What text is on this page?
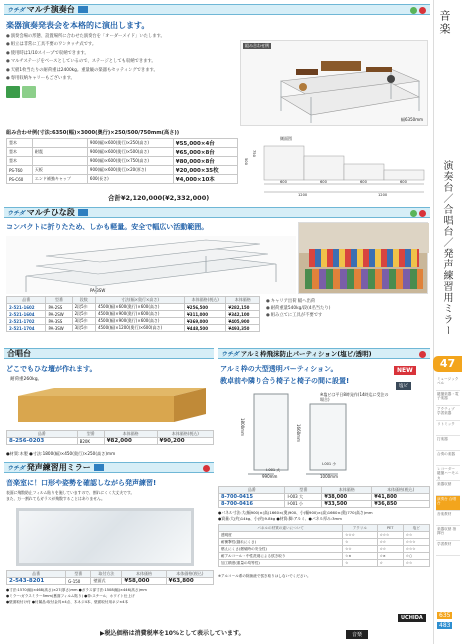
音楽
演奏台／合唱台／発声練習用ミラー
47
ミュージックベル
鍵盤楽器・電子楽器
アクティブ 学習楽器
リトミック
打楽器
合奏の楽器
レコーダー 鍵盤ハーモニカ
楽器収納
演奏台 合唱台
音楽教材
楽器収納 指揮台
学習教材
635
483
ウチダ マルチ演奏台
楽器演奏発表会を本格的に演出します。
● 演奏会場の形態、設置場所に合わせた演奏台を「オーダーメイド」いたします。
● 組立は非常に工具不要のワンタッチ式です。
● 使用時は1/10スイープで収納できます。
● マルチステージをベースとしているので、ステージとしても収納できます。
● 天板1枚当たりの耐荷重は2400kg。重量級の楽器もセッティングできます。
● 専用収納キャリーもございます。
組み合わせ例(寸法:6350(幅)×3000(奥行)×250/500/750mm(高さ))
霊木		900(幅)×600(奥行)×250(高さ)	¥55,000×4台
霊木	耐震	900(幅)×600(奥行)×500(高さ)	¥65,000×8台
霊木		900(幅)×600(奥行)×750(高さ)	¥80,000×8台
PS-T60	天板	900(幅)×600(奥行)×20(厚さ)	¥20,000×35枚
PS-C60	エンド補強キャップ	600(長さ)	¥4,000×10本
合計¥2,120,000(¥2,332,000)
組み合わせ例
幅6350mm
側面図
600	600	600	600
1200	1200
750
500
ウチダ マルチひな段
コンパクトに折りたため、しかも軽量。安全で幅広い活動範囲。
PA-3SW
品番	型番	段数	寸法(幅×奥行×高さ)	本体価格(税込)	本体価格
2-521-1602	PA-2SS	2段5歩	4500(幅)×600(奥行)×600(高さ)	¥256,500	¥282,150
2-521-1604	PA-2SW	2段5歩	4500(幅)×900(奥行)×600(高さ)	¥311,000	¥342,100
2-521-1702	PA-3SS	3段5歩	4500(幅)×900(奥行)×600(高さ)	¥369,000	¥405,900
2-521-1704	PA-3SW	3段5歩	4500(幅)×1200(奥行)×600(高さ)	¥448,500	¥493,350
● キャリア出荷 幅へ出荷
● 耐荷重量540kg/段(4名当たり)
● 組み立てに工具が不要です
合唱台
どこでもひな壇が作れます。
耐荷重260kg。
品番	型番	本体価格	本体価格(税込)
8-256-0203	B20K	¥82,000	¥90,200
●材質:木製 ●寸法:1800(幅)×450(奥行)×250(高さ)mm
ウチダ アルミ枠飛沫防止パーティション(塩ビ/透明)
アルミ枠の大型透明パーティション。
教卓前や隣り合う椅子と椅子の間に設置!
NEW
塩ビ
※塩ビは平日8時発作(14時迄に受注の場合)
1800mm	1660mm
990mm	1000mm
I-001 大
I-001 小
品番	型番	本体価格	本体価格(税込)
8-700-0415	I-003 大	¥38,000	¥41,800
8-700-0416	I-001 小	¥33,500	¥36,850
●パネル寸法:大(幅900)×(高)1660×(奥)900、小(幅900)×(高)1660×(奥)770(高さ)mm
●質量:大(約)14kg、小(約)9.8kg ●材質:脚:アルミ、●パネル厚み:3mm
パネルの材質の違いについて	アクリル	PET	塩ビ
透明度	☆☆☆	☆☆☆	☆☆
耐衝撃性(割れにくさ)	☆	☆☆	☆☆☆
燃えにくさ(燃焼時の安全性)	☆☆	☆☆	☆☆☆
耐アルコール・中性洗剤による拭き取り	☆×	☆×	☆○
加工精度(重量の均等性)	☆	☆	☆☆
※アルコール系の除菌液で拭き取りはしないでください。
ウチダ 発声練習用ミラー
音楽室に！口形や姿勢を確認しながら発声練習!
表面に飛散防止フィルム貼りを施していますので、割れにくく大丈夫です。
また、万一割れてもガラスが飛散することはありません。
品番	型番	取付方法	本体価格	本体価格(税込)
2-543-8201	G-150	壁面式	¥58,000	¥63,800
●寸法:1570(幅)×468(高さ)×27(厚さ)mm ●ガラス部寸法:1508(幅)×446(高さ)mm
●ミラー:ガラスミラー5mm(裏面フィルム貼り) ●枠:スチール、ホワイト仕上げ
●壁面取付け付 ●付属品:取付金具×4点、木ネジ4本、壁面取付用ネジ×4本
UCHIDA
▶税込価格は消費税率を10%として表示しています。	音楽
